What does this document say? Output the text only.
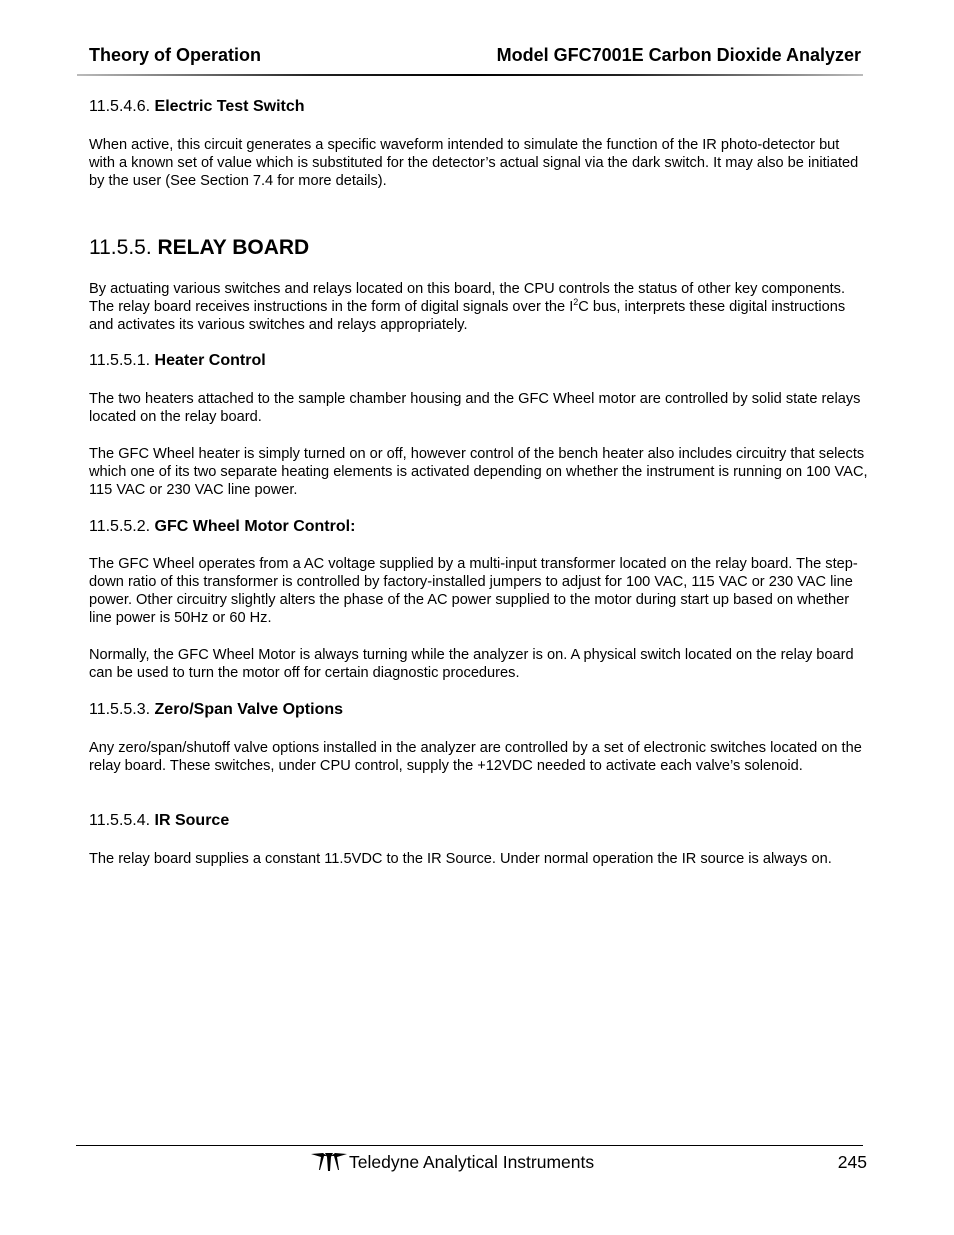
Theory of Operation	Model GFC7001E Carbon Dioxide Analyzer

11.5.4.6. Electric Test Switch

When active, this circuit generates a specific waveform intended to simulate the function of the IR photo-detector but with a known set of value which is substituted for the detector’s actual signal via the dark switch. It may also be initiated by the user (See Section 7.4 for more details).

11.5.5. RELAY BOARD

By actuating various switches and relays located on this board, the CPU controls the status of other key components. The relay board receives instructions in the form of digital signals over the $I^2C$ bus, interprets these digital instructions and activates its various switches and relays appropriately.

11.5.5.1. Heater Control

The two heaters attached to the sample chamber housing and the GFC Wheel motor are controlled by solid state relays located on the relay board.

The GFC Wheel heater is simply turned on or off, however control of the bench heater also includes circuitry that selects which one of its two separate heating elements is activated depending on whether the instrument is running on 100 VAC, 115 VAC or 230 VAC line power.

11.5.5.2. GFC Wheel Motor Control:

The GFC Wheel operates from a AC voltage supplied by a multi-input transformer located on the relay board. The step-down ratio of this transformer is controlled by factory-installed jumpers to adjust for 100 VAC, 115 VAC or 230 VAC line power. Other circuitry slightly alters the phase of the AC power supplied to the motor during start up based on whether line power is 50Hz or 60 Hz.

Normally, the GFC Wheel Motor is always turning while the analyzer is on. A physical switch located on the relay board can be used to turn the motor off for certain diagnostic procedures.

11.5.5.3. Zero/Span Valve Options

Any zero/span/shutoff valve options installed in the analyzer are controlled by a set of electronic switches located on the relay board. These switches, under CPU control, supply the +12VDC needed to activate each valve’s solenoid.

11.5.5.4. IR Source

The relay board supplies a constant 11.5VDC to the IR Source. Under normal operation the IR source is always on.

Teledyne Analytical Instruments	245
